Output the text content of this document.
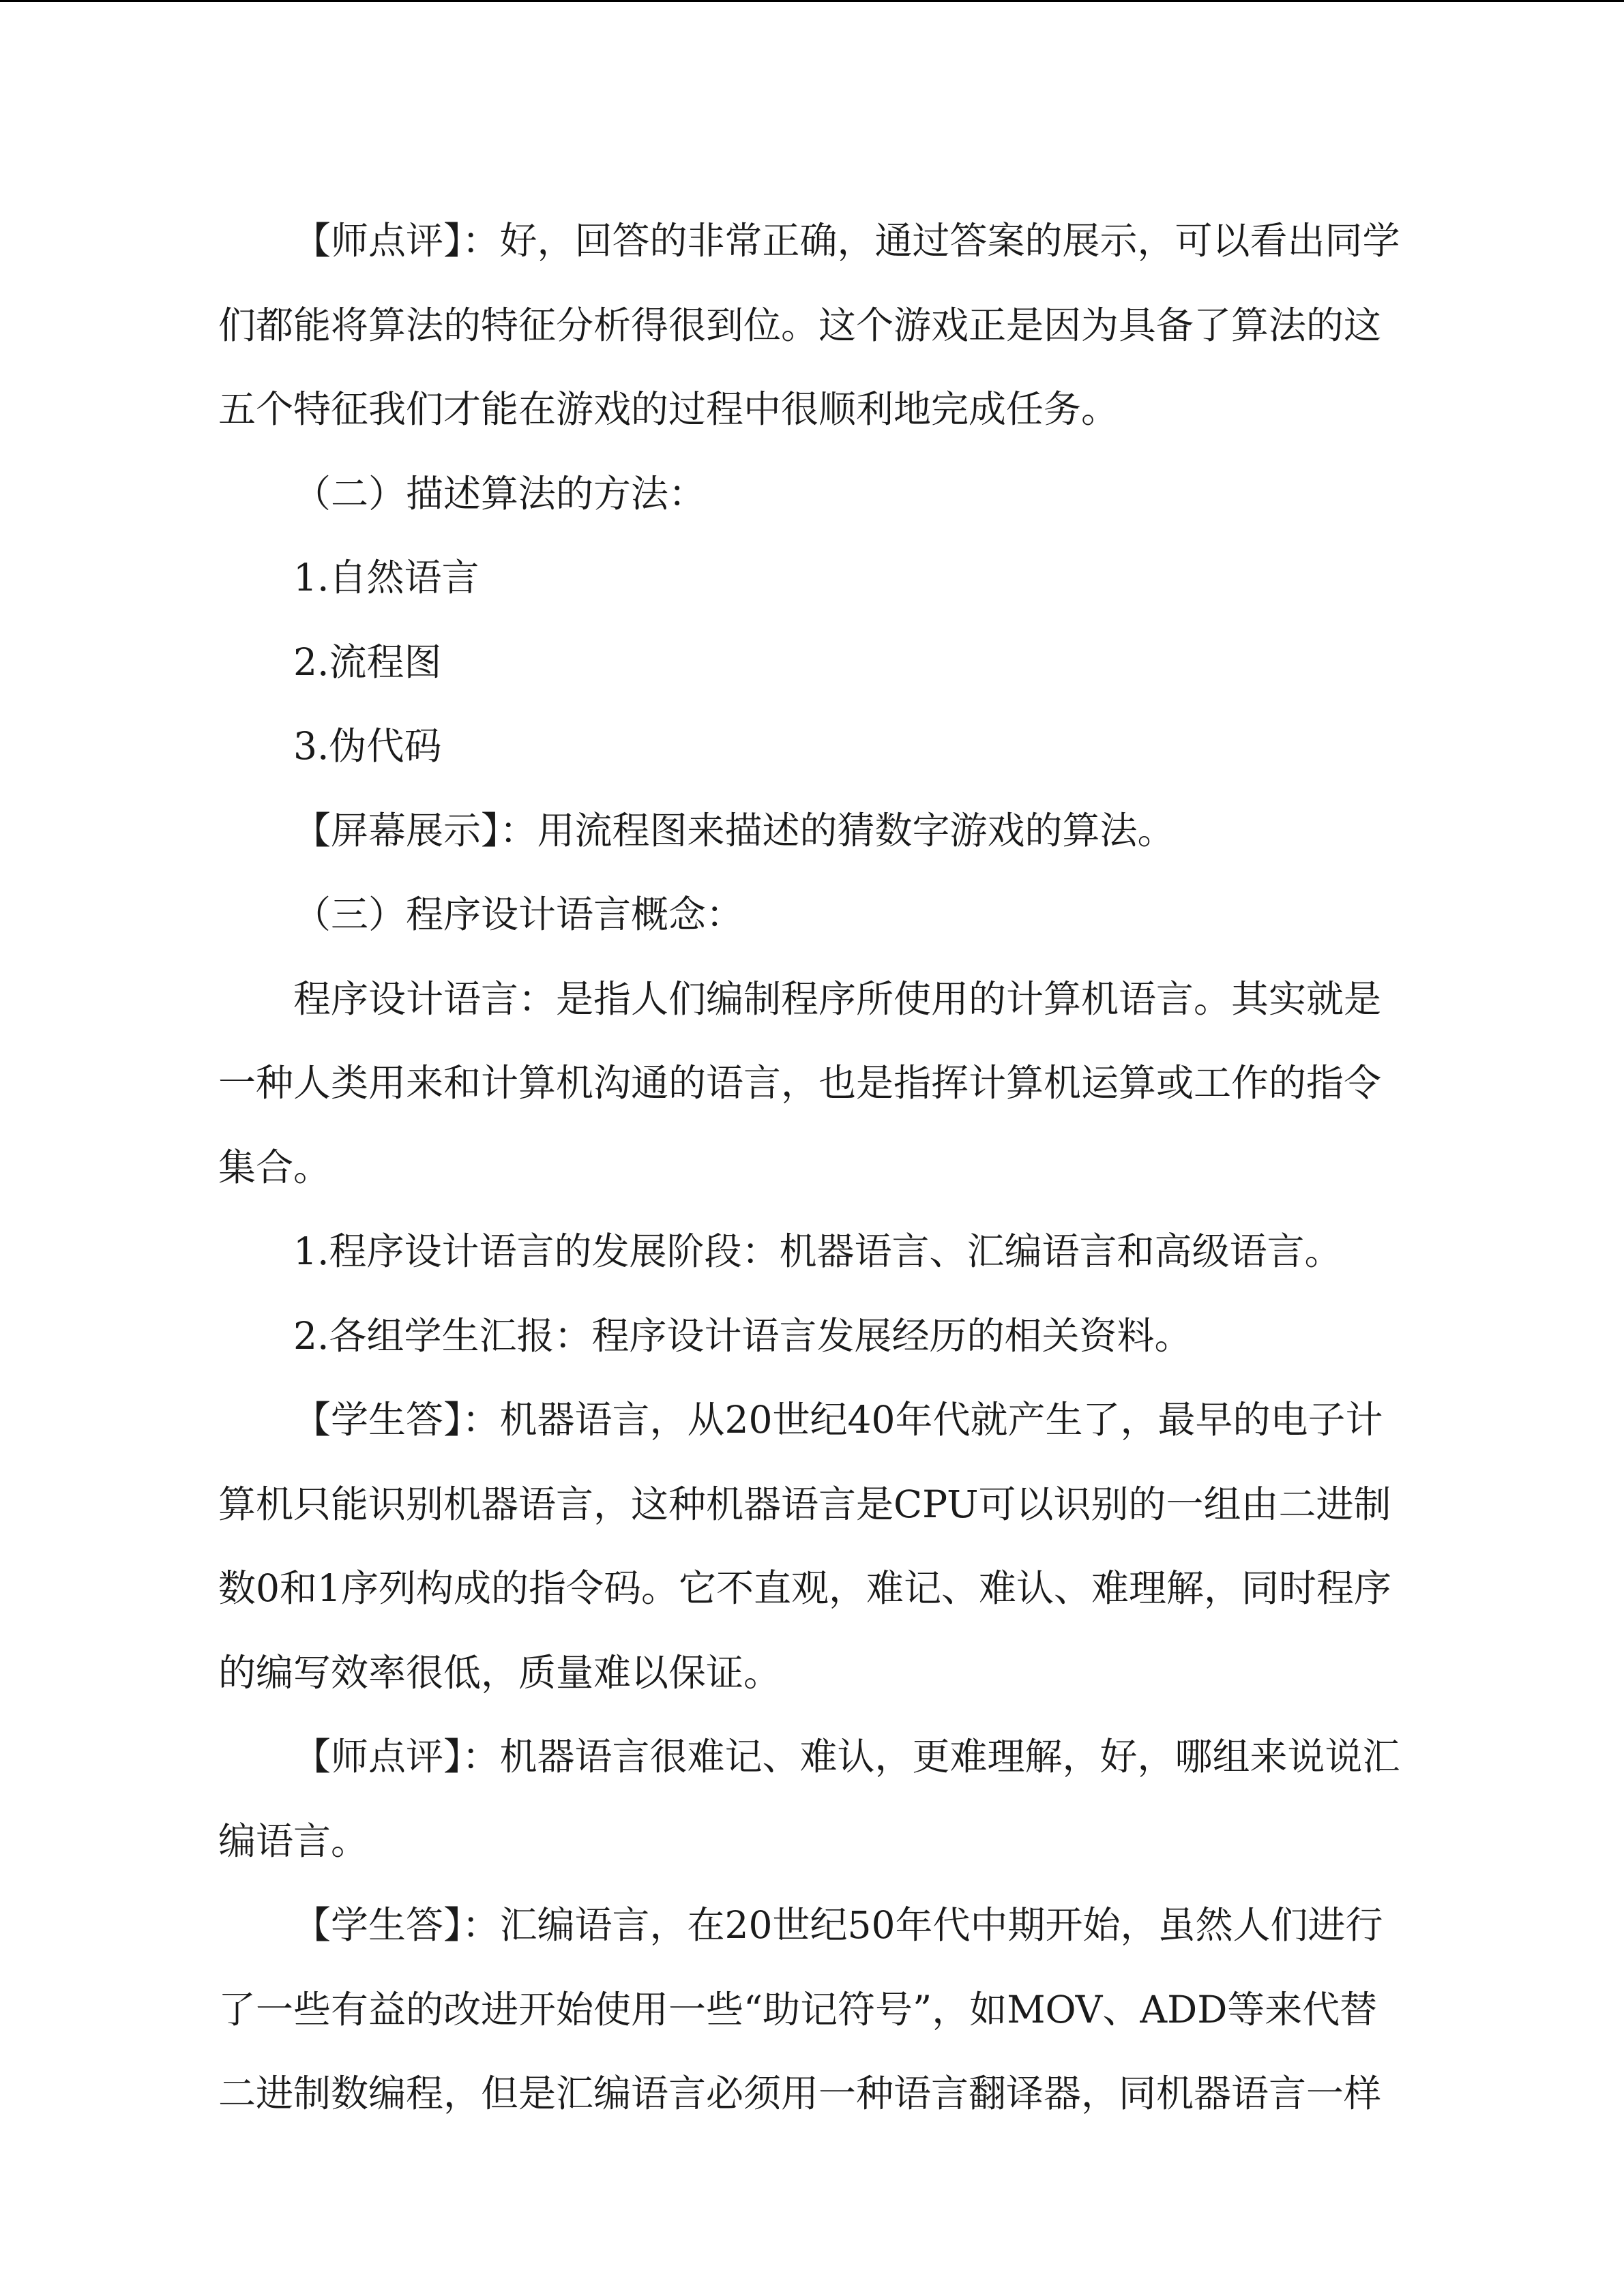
【师点评】：好，回答的非常正确，通过答案的展示，可以看出同学们都能将算法的特征分析得很到位。这个游戏正是因为具备了算法的这五个特征我们才能在游戏的过程中很顺利地完成任务。

（二）描述算法的方法：

1.自然语言

2.流程图

3.伪代码

【屏幕展示】：用流程图来描述的猜数字游戏的算法。

（三）程序设计语言概念：

程序设计语言：是指人们编制程序所使用的计算机语言。其实就是一种人类用来和计算机沟通的语言，也是指挥计算机运算或工作的指令集合。

1.程序设计语言的发展阶段：机器语言、汇编语言和高级语言。

2.各组学生汇报：程序设计语言发展经历的相关资料。

【学生答】：机器语言，从20世纪40年代就产生了，最早的电子计算机只能识别机器语言，这种机器语言是CPU可以识别的一组由二进制数0和1序列构成的指令码。它不直观，难记、难认、难理解，同时程序的编写效率很低，质量难以保证。

【师点评】：机器语言很难记、难认，更难理解，好，哪组来说说汇编语言。

【学生答】：汇编语言，在20世纪50年代中期开始，虽然人们进行了一些有益的改进开始使用一些“助记符号”，如MOV、ADD等来代替二进制数编程，但是汇编语言必须用一种语言翻译器，同机器语言一样
